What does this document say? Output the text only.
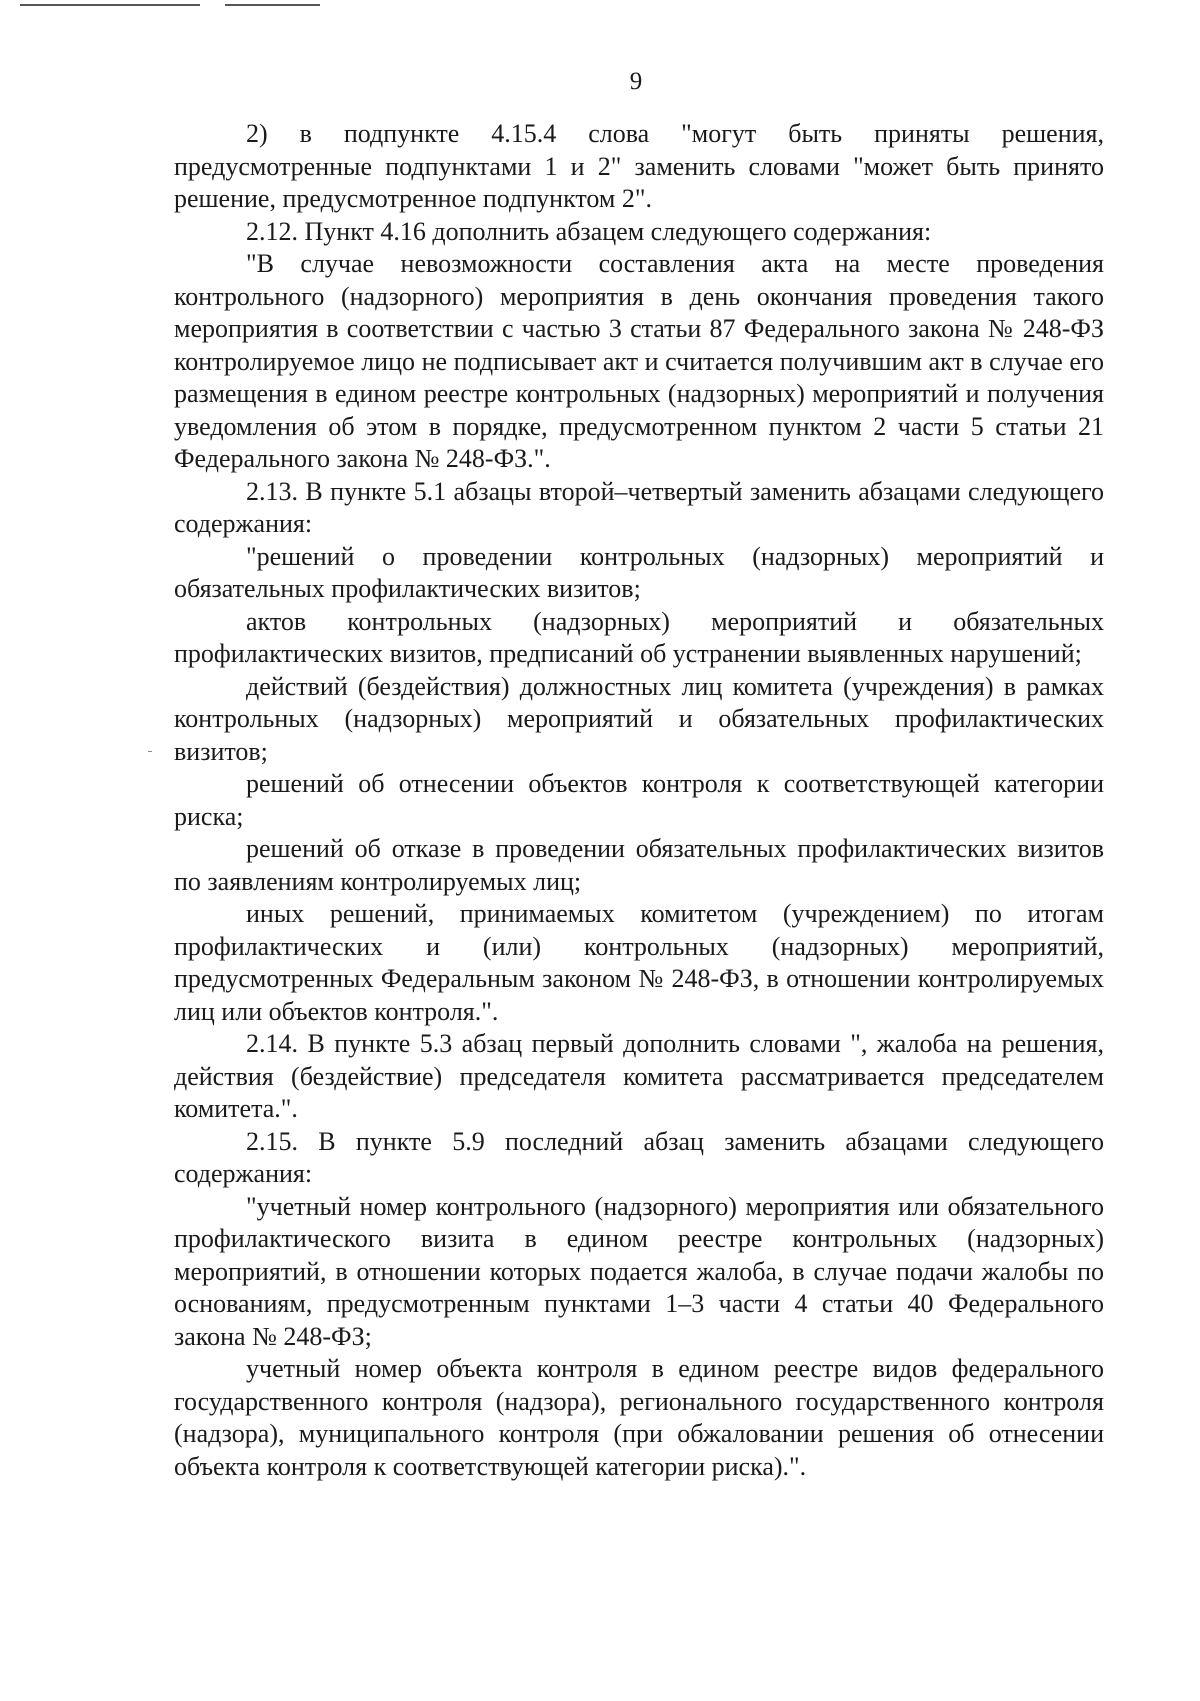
9

2) в подпункте 4.15.4 слова "могут быть приняты решения, предусмотренные подпунктами 1 и 2" заменить словами "может быть принято решение, предусмотренное подпунктом 2".

2.12. Пункт 4.16 дополнить абзацем следующего содержания:

"В случае невозможности составления акта на месте проведения контрольного (надзорного) мероприятия в день окончания проведения такого мероприятия в соответствии с частью 3 статьи 87 Федерального закона № 248-ФЗ контролируемое лицо не подписывает акт и считается получившим акт в случае его размещения в едином реестре контрольных (надзорных) мероприятий и получения уведомления об этом в порядке, предусмотренном пунктом 2 части 5 статьи 21 Федерального закона № 248-ФЗ.".

2.13. В пункте 5.1 абзацы второй–четвертый заменить абзацами следующего содержания:

"решений о проведении контрольных (надзорных) мероприятий и обязательных профилактических визитов;

актов контрольных (надзорных) мероприятий и обязательных профилактических визитов, предписаний об устранении выявленных нарушений;

действий (бездействия) должностных лиц комитета (учреждения) в рамках контрольных (надзорных) мероприятий и обязательных профилактических визитов;

решений об отнесении объектов контроля к соответствующей категории риска;

решений об отказе в проведении обязательных профилактических визитов по заявлениям контролируемых лиц;

иных решений, принимаемых комитетом (учреждением) по итогам профилактических и (или) контрольных (надзорных) мероприятий, предусмотренных Федеральным законом № 248-ФЗ, в отношении контролируемых лиц или объектов контроля.".

2.14. В пункте 5.3 абзац первый дополнить словами ", жалоба на решения, действия (бездействие) председателя комитета рассматривается председателем комитета.".

2.15. В пункте 5.9 последний абзац заменить абзацами следующего содержания:

"учетный номер контрольного (надзорного) мероприятия или обязательного профилактического визита в едином реестре контрольных (надзорных) мероприятий, в отношении которых подается жалоба, в случае подачи жалобы по основаниям, предусмотренным пунктами 1–3 части 4 статьи 40 Федерального закона № 248-ФЗ;

учетный номер объекта контроля в едином реестре видов федерального государственного контроля (надзора), регионального государственного контроля (надзора), муниципального контроля (при обжаловании решения об отнесении объекта контроля к соответствующей категории риска).".
